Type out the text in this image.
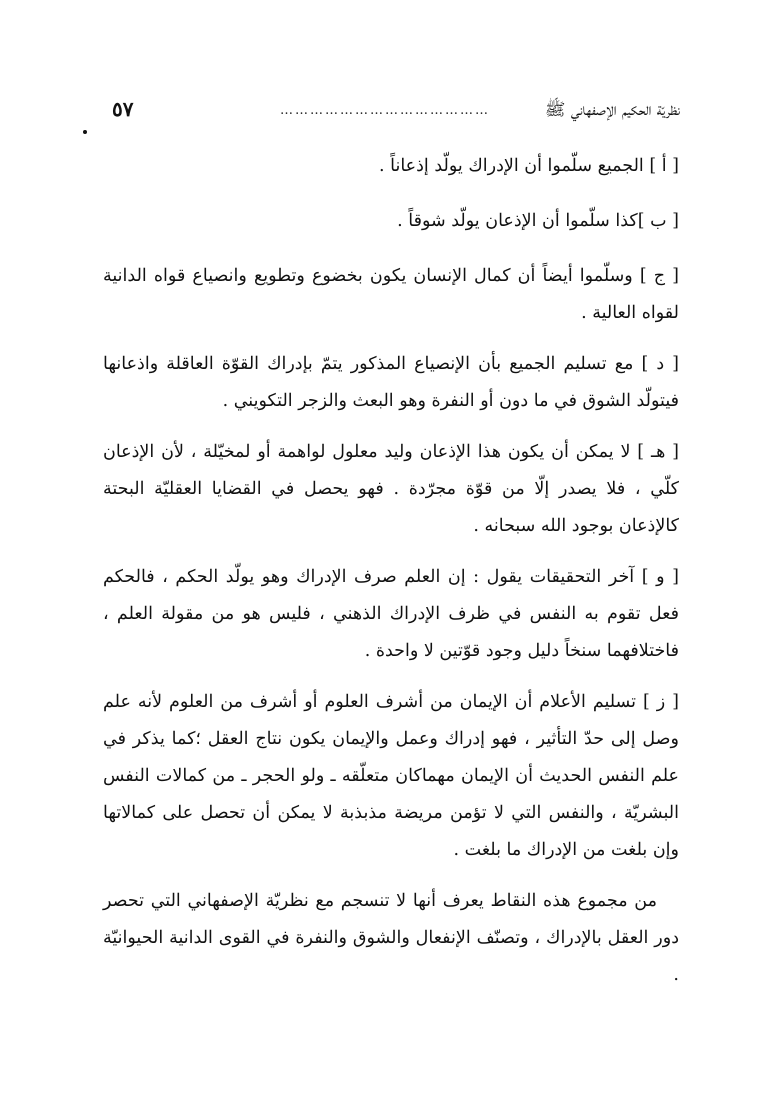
نظريّة الحكيم الإصفهاني ﷺ
……………………………………
٥٧

[ أ ] الجميع سلّموا أن الإدراك يولّد إذعاناً .

[ ب ]كذا سلّموا أن الإذعان يولّد شوقاً .

[ ج ] وسلّموا أيضاً أن كمال الإنسان يكون بخضوع وتطويع وانصياع قواه الدانية لقواه العالية .

[ د ] مع تسليم الجميع بأن الإنصياع المذكور يتمّ بإدراك القوّة العاقلة واذعانها فيتولّد الشوق في ما دون أو النفرة وهو البعث والزجر التكويني .

[ هـ ] لا يمكن أن يكون هذا الإذعان وليد معلول لواهمة أو لمخيّلة ، لأن الإذعان كلّي ، فلا يصدر إلّا من قوّة مجرّدة . فهو يحصل في القضايا العقليّة البحتة كالإذعان بوجود الله سبحانه .

[ و ] آخر التحقيقات يقول : إن العلم صرف الإدراك وهو يولّد الحكم ، فالحكم فعل تقوم به النفس في ظرف الإدراك الذهني ، فليس هو من مقولة العلم ، فاختلافهما سنخاً دليل وجود قوّتين لا واحدة .

[ ز ] تسليم الأعلام أن الإيمان من أشرف العلوم أو أشرف من العلوم لأنه علم وصل إلى حدّ التأثير ، فهو إدراك وعمل والإيمان يكون نتاج العقل ؛كما يذكر في علم النفس الحديث أن الإيمان مهماكان متعلّقه ـ ولو الحجر ـ من كمالات النفس البشريّة ، والنفس التي لا تؤمن مريضة مذبذبة لا يمكن أن تحصل على كمالاتها وإن بلغت من الإدراك ما بلغت .

من مجموع هذه النقاط يعرف أنها لا تنسجم مع نظريّة الإصفهاني التي تحصر دور العقل بالإدراك ، وتصنّف الإنفعال والشوق والنفرة في القوى الدانية الحيوانيّة .
